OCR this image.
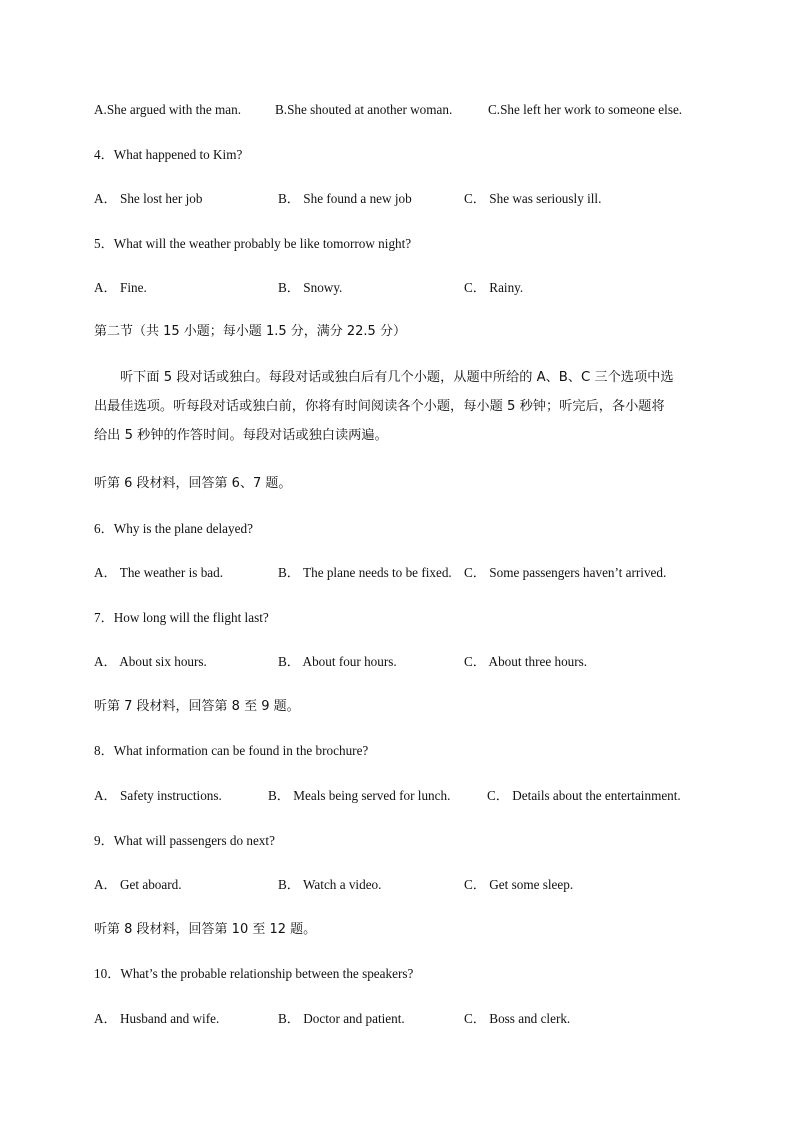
A.She argued with the man.	B.She shouted at another woman.	C.She left her work to someone else.
4．What happened to Kim?
A． She lost her job	B． She found a new job	C． She was seriously ill.
5．What will the weather probably be like tomorrow night?
A． Fine.	B． Snowy.	C． Rainy.
第二节（共 15 小题；每小题 1.5 分，满分 22.5 分）
听下面 5 段对话或独白。每段对话或独白后有几个小题，从题中所给的 A、B、C 三个选项中选
出最佳选项。听每段对话或独白前，你将有时间阅读各个小题，每小题 5 秒钟；听完后，各小题将
给出 5 秒钟的作答时间。每段对话或独白读两遍。
听第 6 段材料，回答第 6、7 题。
6．Why is the plane delayed?
A． The weather is bad.	B． The plane needs to be fixed. C． Some passengers haven’t arrived.
7．How long will the flight last?
A． About six hours.	B． About four hours.	C． About three hours.
听第 7 段材料，回答第 8 至 9 题。
8．What information can be found in the brochure?
A． Safety instructions.	B． Meals being served for lunch.	C． Details about the entertainment.
9．What will passengers do next?
A． Get aboard.	B． Watch a video.	C． Get some sleep.
听第 8 段材料，回答第 10 至 12 题。
10．What’s the probable relationship between the speakers?
A． Husband and wife.	B． Doctor and patient.	C． Boss and clerk.
